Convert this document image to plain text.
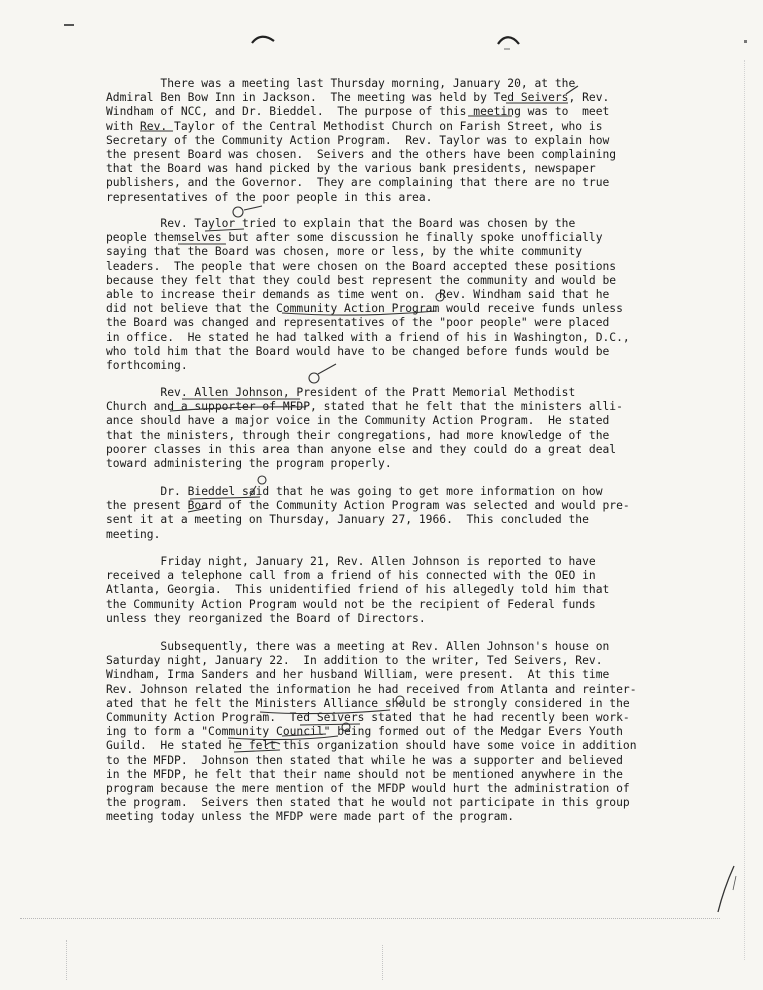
There was a meeting last Thursday morning, January 20, at the
Admiral Ben Bow Inn in Jackson.  The meeting was held by Ted Seivers, Rev.
Windham of NCC, and Dr. Bieddel.  The purpose of this meeting was to  meet
with Rev. Taylor of the Central Methodist Church on Farish Street, who is
Secretary of the Community Action Program.  Rev. Taylor was to explain how
the present Board was chosen.  Seivers and the others have been complaining
that the Board was hand picked by the various bank presidents, newspaper
publishers, and the Governor.  They are complaining that there are no true
representatives of the poor people in this area.
Rev. Taylor tried to explain that the Board was chosen by the
people themselves but after some discussion he finally spoke unofficially
saying that the Board was chosen, more or less, by the white community
leaders.  The people that were chosen on the Board accepted these positions
because they felt that they could best represent the community and would be
able to increase their demands as time went on.  Rev. Windham said that he
did not believe that the Community Action Program would receive funds unless
the Board was changed and representatives of the "poor people" were placed
in office.  He stated he had talked with a friend of his in Washington, D.C.,
who told him that the Board would have to be changed before funds would be
forthcoming.
Rev. Allen Johnson, President of the Pratt Memorial Methodist
Church and a supporter of MFDP, stated that he felt that the ministers alli-
ance should have a major voice in the Community Action Program.  He stated
that the ministers, through their congregations, had more knowledge of the
poorer classes in this area than anyone else and they could do a great deal
toward administering the program properly.
Dr. Bieddel said that he was going to get more information on how
the present Board of the Community Action Program was selected and would pre-
sent it at a meeting on Thursday, January 27, 1966.  This concluded the
meeting.
Friday night, January 21, Rev. Allen Johnson is reported to have
received a telephone call from a friend of his connected with the OEO in
Atlanta, Georgia.  This unidentified friend of his allegedly told him that
the Community Action Program would not be the recipient of Federal funds
unless they reorganized the Board of Directors.
Subsequently, there was a meeting at Rev. Allen Johnson's house on
Saturday night, January 22.  In addition to the writer, Ted Seivers, Rev.
Windham, Irma Sanders and her husband William, were present.  At this time
Rev. Johnson related the information he had received from Atlanta and reinter-
ated that he felt the Ministers Alliance should be strongly considered in the
Community Action Program.  Ted Seivers stated that he had recently been work-
ing to form a "Community Council" being formed out of the Medgar Evers Youth
Guild.  He stated he felt this organization should have some voice in addition
to the MFDP.  Johnson then stated that while he was a supporter and believed
in the MFDP, he felt that their name should not be mentioned anywhere in the
program because the mere mention of the MFDP would hurt the administration of
the program.  Seivers then stated that he would not participate in this group
meeting today unless the MFDP were made part of the program.
